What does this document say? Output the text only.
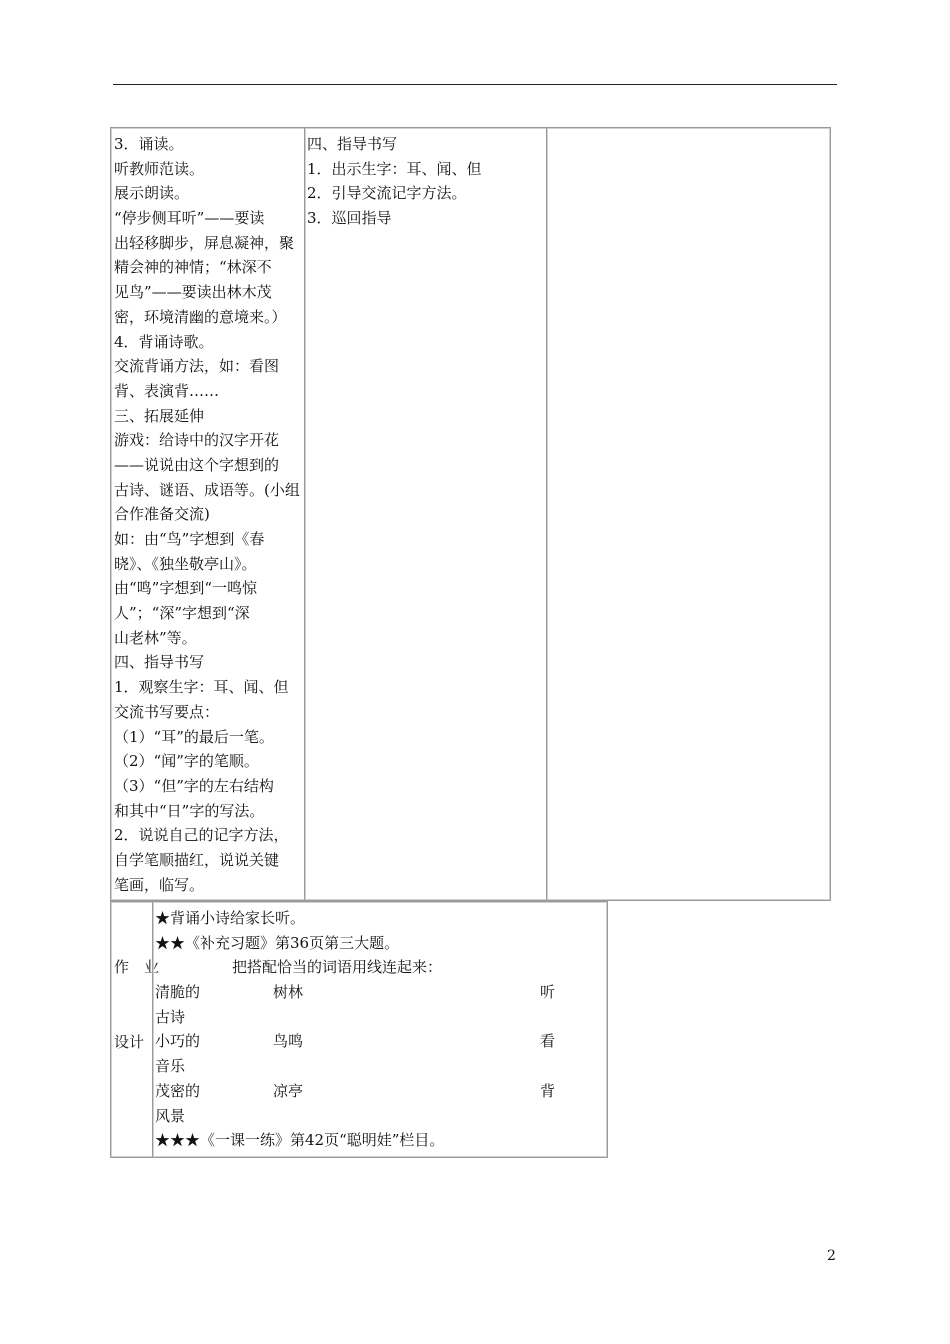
3．诵读。
听教师范读。
展示朗读。
“停步侧耳听”——要读
出轻移脚步，屏息凝神，聚
精会神的神情；“林深不
见鸟”——要读出林木茂
密，环境清幽的意境来。）
4．背诵诗歌。
交流背诵方法，如：看图
背、表演背……
三、拓展延伸
游戏：给诗中的汉字开花
——说说由这个字想到的
古诗、谜语、成语等。(小组
合作准备交流)
如：由“鸟”字想到《春
晓》、《独坐敬亭山》。
由“鸣”字想到“一鸣惊
人”；“深”字想到“深
山老林”等。
四、指导书写
1．观察生字：耳、闻、但
交流书写要点：
（1）“耳”的最后一笔。
（2）“闻”字的笔顺。
（3）“但”字的左右结构
和其中“日”字的写法。
2．说说自己的记字方法，
自学笔顺描红，说说关键
笔画，临写。
四、指导书写
1．出示生字：耳、闻、但
2．引导交流记字方法。
3．巡回指导

作　业

设计

★背诵小诗给家长听。
★★《补充习题》第36页第三大题。
把搭配恰当的词语用线连起来：
清脆的	树林	听
古诗
小巧的	鸟鸣	看
音乐
茂密的	凉亭	背
风景
★★★《一课一练》第42页“聪明娃”栏目。
2
